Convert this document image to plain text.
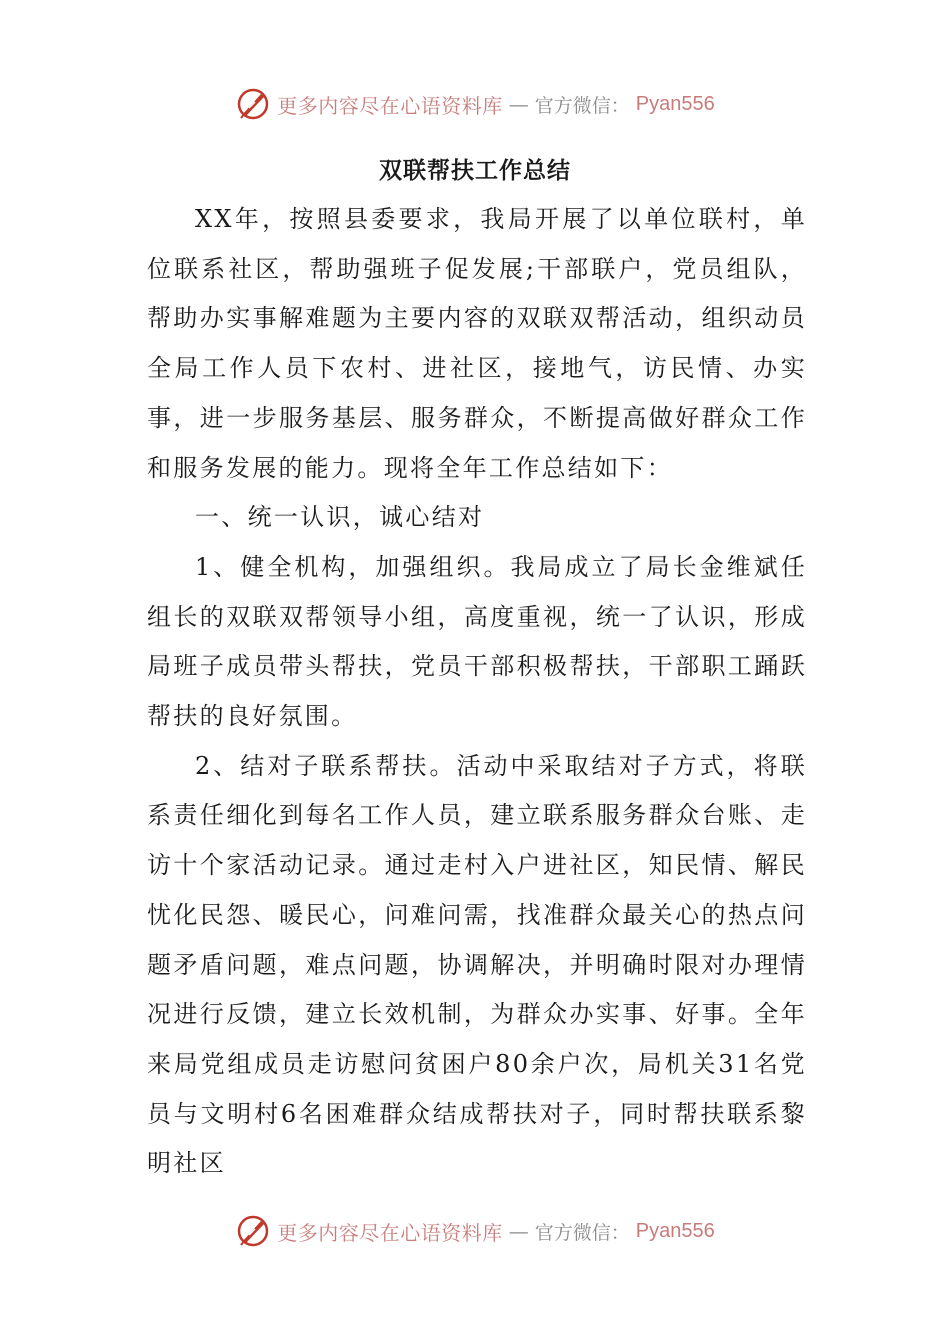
更多内容尽在心语资料库 — 官方微信： Pyan556
双联帮扶工作总结

XX年，按照县委要求，我局开展了以单位联村，单位联系社区，帮助强班子促发展;干部联户，党员组队，帮助办实事解难题为主要内容的双联双帮活动，组织动员全局工作人员下农村、进社区，接地气，访民情、办实事，进一步服务基层、服务群众，不断提高做好群众工作和服务发展的能力。现将全年工作总结如下：

一、统一认识，诚心结对

1、健全机构，加强组织。我局成立了局长金维斌任组长的双联双帮领导小组，高度重视，统一了认识，形成局班子成员带头帮扶，党员干部积极帮扶，干部职工踊跃帮扶的良好氛围。

2、结对子联系帮扶。活动中采取结对子方式，将联系责任细化到每名工作人员，建立联系服务群众台账、走访十个家活动记录。通过走村入户进社区，知民情、解民忧化民怨、暖民心，问难问需，找准群众最关心的热点问题矛盾问题，难点问题，协调解决，并明确时限对办理情况进行反馈，建立长效机制，为群众办实事、好事。全年来局党组成员走访慰问贫困户80余户次，局机关31名党员与文明村6名困难群众结成帮扶对子，同时帮扶联系黎明社区

更多内容尽在心语资料库 — 官方微信： Pyan556
